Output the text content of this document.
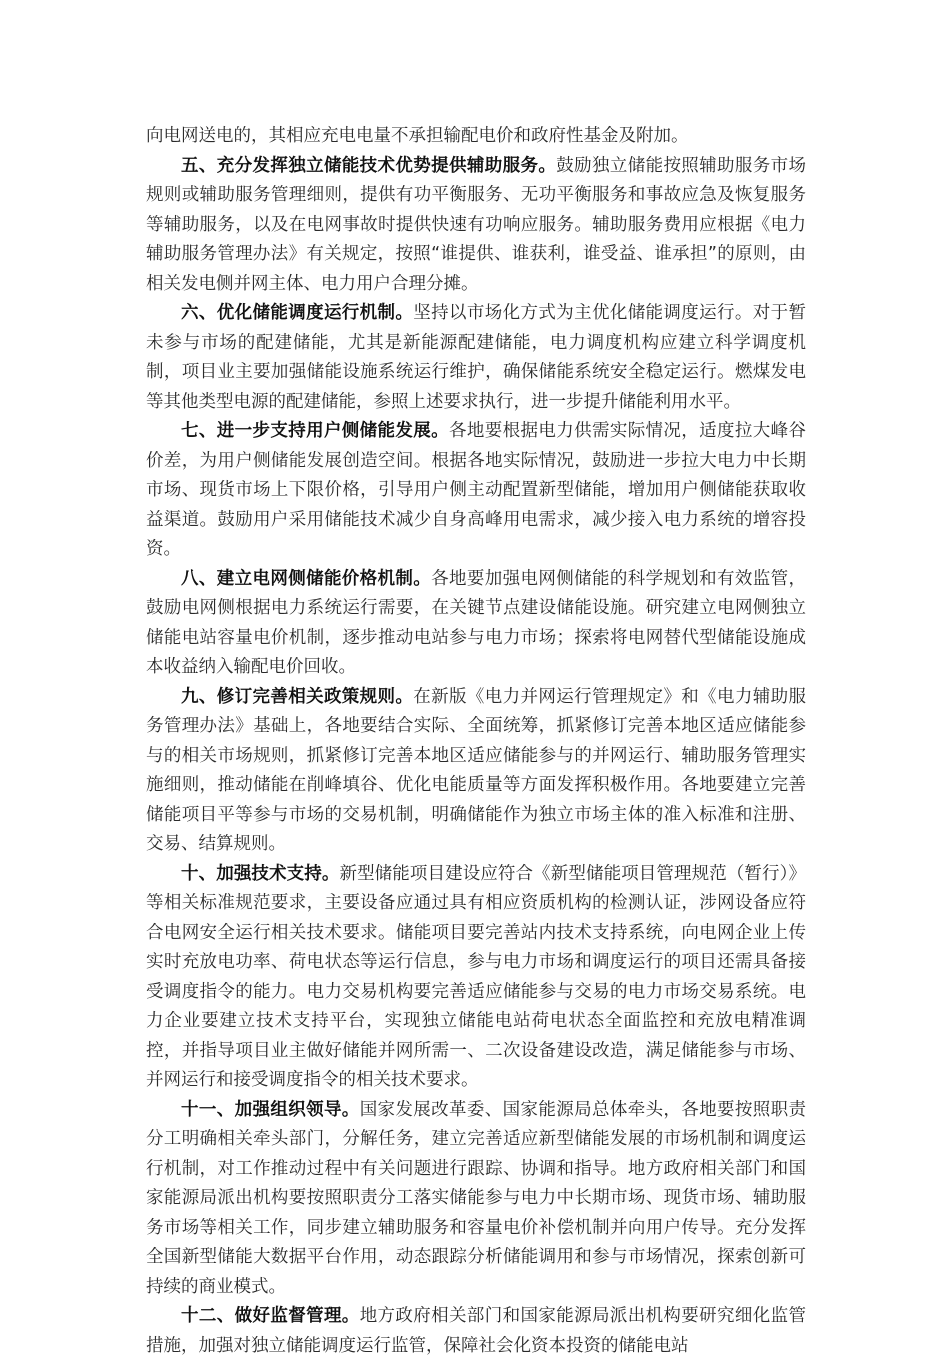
向电网送电的，其相应充电电量不承担输配电价和政府性基金及附加。

五、充分发挥独立储能技术优势提供辅助服务。鼓励独立储能按照辅助服务市场规则或辅助服务管理细则，提供有功平衡服务、无功平衡服务和事故应急及恢复服务等辅助服务，以及在电网事故时提供快速有功响应服务。辅助服务费用应根据《电力辅助服务管理办法》有关规定，按照“谁提供、谁获利，谁受益、谁承担”的原则，由相关发电侧并网主体、电力用户合理分摊。

六、优化储能调度运行机制。坚持以市场化方式为主优化储能调度运行。对于暂未参与市场的配建储能，尤其是新能源配建储能，电力调度机构应建立科学调度机制，项目业主要加强储能设施系统运行维护，确保储能系统安全稳定运行。燃煤发电等其他类型电源的配建储能，参照上述要求执行，进一步提升储能利用水平。

七、进一步支持用户侧储能发展。各地要根据电力供需实际情况，适度拉大峰谷价差，为用户侧储能发展创造空间。根据各地实际情况，鼓励进一步拉大电力中长期市场、现货市场上下限价格，引导用户侧主动配置新型储能，增加用户侧储能获取收益渠道。鼓励用户采用储能技术减少自身高峰用电需求，减少接入电力系统的增容投资。

八、建立电网侧储能价格机制。各地要加强电网侧储能的科学规划和有效监管，鼓励电网侧根据电力系统运行需要，在关键节点建设储能设施。研究建立电网侧独立储能电站容量电价机制，逐步推动电站参与电力市场；探索将电网替代型储能设施成本收益纳入输配电价回收。

九、修订完善相关政策规则。在新版《电力并网运行管理规定》和《电力辅助服务管理办法》基础上，各地要结合实际、全面统筹，抓紧修订完善本地区适应储能参与的相关市场规则，抓紧修订完善本地区适应储能参与的并网运行、辅助服务管理实施细则，推动储能在削峰填谷、优化电能质量等方面发挥积极作用。各地要建立完善储能项目平等参与市场的交易机制，明确储能作为独立市场主体的准入标准和注册、交易、结算规则。

十、加强技术支持。新型储能项目建设应符合《新型储能项目管理规范（暂行）》等相关标准规范要求，主要设备应通过具有相应资质机构的检测认证，涉网设备应符合电网安全运行相关技术要求。储能项目要完善站内技术支持系统，向电网企业上传实时充放电功率、荷电状态等运行信息，参与电力市场和调度运行的项目还需具备接受调度指令的能力。电力交易机构要完善适应储能参与交易的电力市场交易系统。电力企业要建立技术支持平台，实现独立储能电站荷电状态全面监控和充放电精准调控，并指导项目业主做好储能并网所需一、二次设备建设改造，满足储能参与市场、并网运行和接受调度指令的相关技术要求。

十一、加强组织领导。国家发展改革委、国家能源局总体牵头，各地要按照职责分工明确相关牵头部门，分解任务，建立完善适应新型储能发展的市场机制和调度运行机制，对工作推动过程中有关问题进行跟踪、协调和指导。地方政府相关部门和国家能源局派出机构要按照职责分工落实储能参与电力中长期市场、现货市场、辅助服务市场等相关工作，同步建立辅助服务和容量电价补偿机制并向用户传导。充分发挥全国新型储能大数据平台作用，动态跟踪分析储能调用和参与市场情况，探索创新可持续的商业模式。

十二、做好监督管理。地方政府相关部门和国家能源局派出机构要研究细化监管措施，加强对独立储能调度运行监管，保障社会化资本投资的储能电站
